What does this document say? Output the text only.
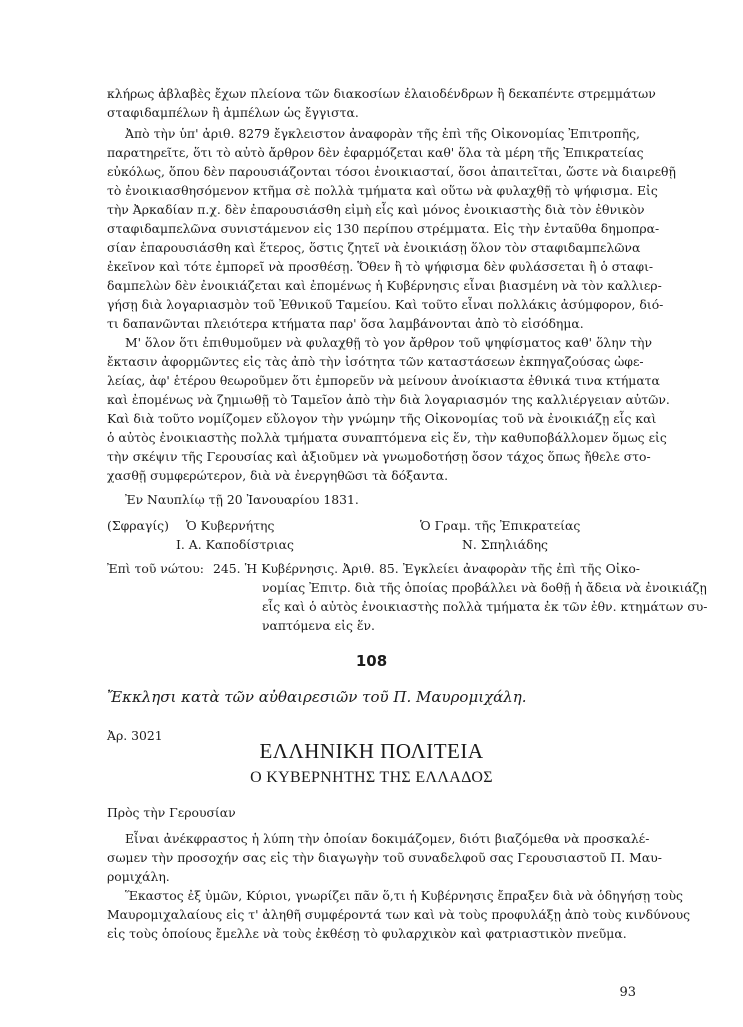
κλήρως ἀβλαβὲς ἔχων πλείονα τῶν διακοσίων ἐλαιοδένδρων ἢ δεκαπέντε στρεμμάτων
σταφιδαμπέλων ἢ ἀμπέλων ὡς ἔγγιστα.
Ἀπὸ τὴν ὑπ' ἀριθ. 8279 ἔγκλειστον ἀναφορὰν τῆς ἐπὶ τῆς Οἰκονομίας Ἐπιτροπῆς,
παρατηρεῖτε, ὅτι τὸ αὐτὸ ἄρθρον δὲν ἐφαρμόζεται καθ' ὅλα τὰ μέρη τῆς Ἐπικρατείας
εὐκόλως, ὅπου δὲν παρουσιάζονται τόσοι ἐνοικιασταί, ὅσοι ἀπαιτεῖται, ὥστε νὰ διαιρεθῇ
τὸ ἐνοικιασθησόμενον κτῆμα σὲ πολλὰ τμήματα καὶ οὕτω νὰ φυλαχθῇ τὸ ψήφισμα. Εἰς
τὴν Ἀρκαδίαν π.χ. δὲν ἐπαρουσιάσθη εἰμὴ εἷς καὶ μόνος ἐνοικιαστὴς διὰ τὸν ἐθνικὸν
σταφιδαμπελῶνα συνιστάμενον εἰς 130 περίπου στρέμματα. Εἰς τὴν ἐνταῦθα δημοπρα-
σίαν ἐπαρουσιάσθη καὶ ἕτερος, ὅστις ζητεῖ νὰ ἐνοικιάσῃ ὅλον τὸν σταφιδαμπελῶνα
ἐκεῖνον καὶ τότε ἐμπορεῖ νὰ προσθέσῃ. Ὅθεν ἢ τὸ ψήφισμα δὲν φυλάσσεται ἢ ὁ σταφι-
δαμπελὼν δὲν ἐνοικιάζεται καὶ ἐπομένως ἡ Κυβέρνησις εἶναι βιασμένη νὰ τὸν καλλιερ-
γήσῃ διὰ λογαριασμὸν τοῦ Ἐθνικοῦ Ταμείου. Καὶ τοῦτο εἶναι πολλάκις ἀσύμφορον, διό-
τι δαπανῶνται πλειότερα κτήματα παρ' ὅσα λαμβάνονται ἀπὸ τὸ εἰσόδημα.
Μ' ὅλον ὅτι ἐπιθυμοῦμεν νὰ φυλαχθῇ τὸ γον ἄρθρον τοῦ ψηφίσματος καθ' ὅλην τὴν
ἔκτασιν ἀφορμῶντες εἰς τὰς ἀπὸ τὴν ἰσότητα τῶν καταστάσεων ἐκπηγαζούσας ὠφε-
λείας, ἀφ' ἑτέρου θεωροῦμεν ὅτι ἐμπορεῦν νὰ μείνουν ἀνοίκιαστα ἐθνικά τινα κτήματα
καὶ ἐπομένως νὰ ζημιωθῇ τὸ Ταμεῖον ἀπὸ τὴν διὰ λογαριασμόν της καλλιέργειαν αὐτῶν.
Καὶ διὰ τοῦτο νομίζομεν εὔλογον τὴν γνώμην τῆς Οἰκονομίας τοῦ νὰ ἐνοικιάζῃ εἷς καὶ
ὁ αὐτὸς ἐνοικιαστὴς πολλὰ τμήματα συναπτόμενα εἰς ἕν, τὴν καθυποβάλλομεν ὅμως εἰς
τὴν σκέψιν τῆς Γερουσίας καὶ ἀξιοῦμεν νὰ γνωμοδοτήσῃ ὅσον τάχος ὅπως ἤθελε στο-
χασθῇ συμφερώτερον, διὰ νὰ ἐνεργηθῶσι τὰ δόξαντα.
Ἐν Ναυπλίῳ τῇ 20 Ἰανουαρίου 1831.
(Σφραγίς) Ὁ Κυβερνήτης
Ι. Α. Καποδίστριας
Ὁ Γραμ. τῆς Ἐπικρατείας
Ν. Σπηλιάδης
Ἐπὶ τοῦ νώτου: 245. Ἡ Κυβέρνησις. Ἀριθ. 85. Ἐγκλείει ἀναφορὰν τῆς ἐπὶ τῆς Οἰκο-
νομίας Ἐπιτρ. διὰ τῆς ὁποίας προβάλλει νὰ δοθῇ ἡ ἄδεια νὰ ἐνοικιάζῃ
εἷς καὶ ὁ αὐτὸς ἐνοικιαστὴς πολλὰ τμήματα ἐκ τῶν ἐθν. κτημάτων συ-
ναπτόμενα εἰς ἕν.
108
Ἔκκλησι κατὰ τῶν αὐθαιρεσιῶν τοῦ Π. Μαυρομιχάλη.
Ἀρ. 3021
ΕΛΛΗΝΙΚΗ ΠΟΛΙΤΕΙΑ
Ο ΚΥΒΕΡΝΗΤΗΣ ΤΗΣ ΕΛΛΑΔΟΣ
Πρὸς τὴν Γερουσίαν
Εἶναι ἀνέκφραστος ἡ λύπη τὴν ὁποίαν δοκιμάζομεν, διότι βιαζόμεθα νὰ προσκαλέ-
σωμεν τὴν προσοχήν σας εἰς τὴν διαγωγὴν τοῦ συναδελφοῦ σας Γερουσιαστοῦ Π. Μαυ-
ρομιχάλη.
Ἕκαστος ἐξ ὑμῶν, Κύριοι, γνωρίζει πᾶν ὅ,τι ἡ Κυβέρνησις ἔπραξεν διὰ νὰ ὁδηγήσῃ τοὺς
Μαυρομιχαλαίους εἰς τ' ἀληθῆ συμφέροντά των καὶ νὰ τοὺς προφυλάξῃ ἀπὸ τοὺς κινδύνους
εἰς τοὺς ὁποίους ἔμελλε νὰ τοὺς ἐκθέσῃ τὸ φυλαρχικὸν καὶ φατριαστικὸν πνεῦμα.
93
